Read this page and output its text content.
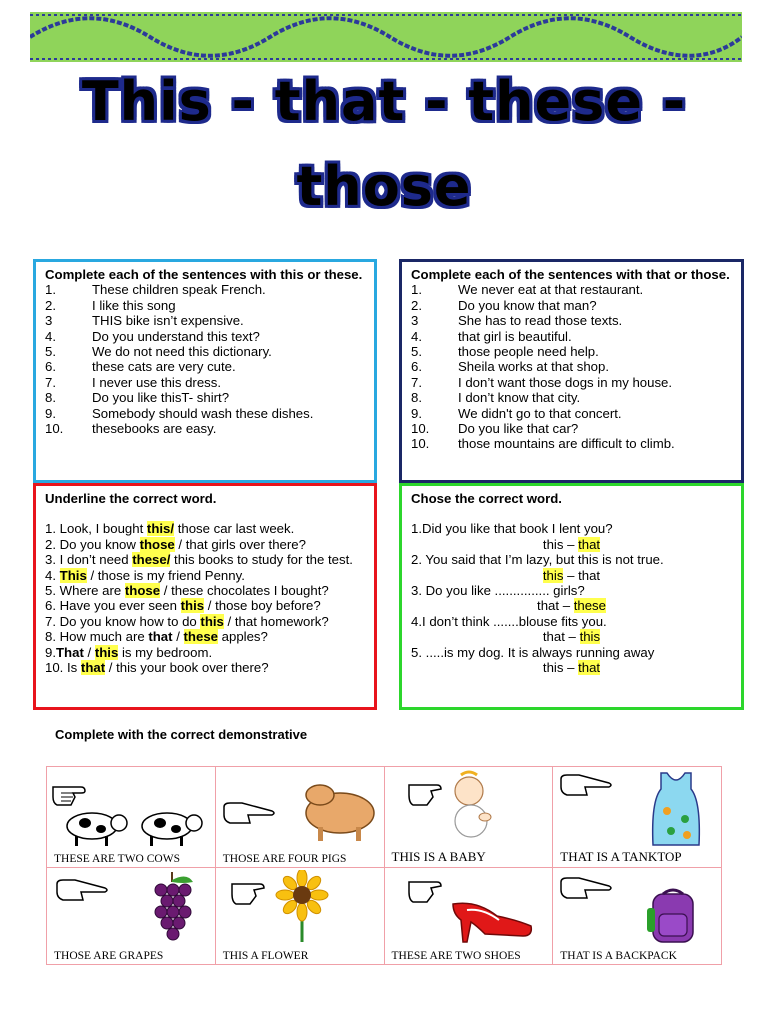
This - that - these -
those
Complete each of the sentences with this or these.
1.	These children speak French.
2.	I like this song
3	THIS bike isn’t expensive.
4.	Do you understand this text?
5.	We do not need this dictionary.
6.	these cats are very cute.
7.	I never use this dress.
8.	Do you like thisT- shirt?
9.	Somebody should wash these dishes.
10.	thesebooks are easy.
Complete each of the sentences with that or those.
1.	We never eat at that restaurant.
2.	Do you know that man?
3	She has to read those texts.
4.	that girl is beautiful.
5.	those people need help.
6.	Sheila works at that shop.
7.	I don’t want those dogs in my house.
8.	I don’t know that city.
9.	We didn't go to that concert.
10.	Do you like that car?
10.	those mountains are difficult to climb.
Underline the correct word.
1. Look, I bought this/ those car last week.
2. Do you know those / that girls over there?
3. I don’t need these/ this books to study for the test.
4. This / those is my friend Penny.
5. Where are those / these chocolates I bought?
6. Have you ever seen this / those boy before?
7. Do you know how to do this / that homework?
8. How much are that / these apples?
9.That / this is my bedroom.
10. Is that / this your book over there?
Chose the correct word.
1.Did you like that book I lent you?
this – that
2. You said that I’m lazy, but this is not true.
this – that
3. Do you like ............... girls?
that – these
4.I don’t think .......blouse fits you.
that – this
5. .....is my dog. It is always running away
this – that
Complete with the correct demonstrative
THESE ARE TWO COWS	THOSE ARE FOUR PIGS	THIS IS A BABY	THAT IS A TANKTOP

THOSE ARE GRAPES	THIS A FLOWER	THESE ARE TWO SHOES	THAT IS A BACKPACK
